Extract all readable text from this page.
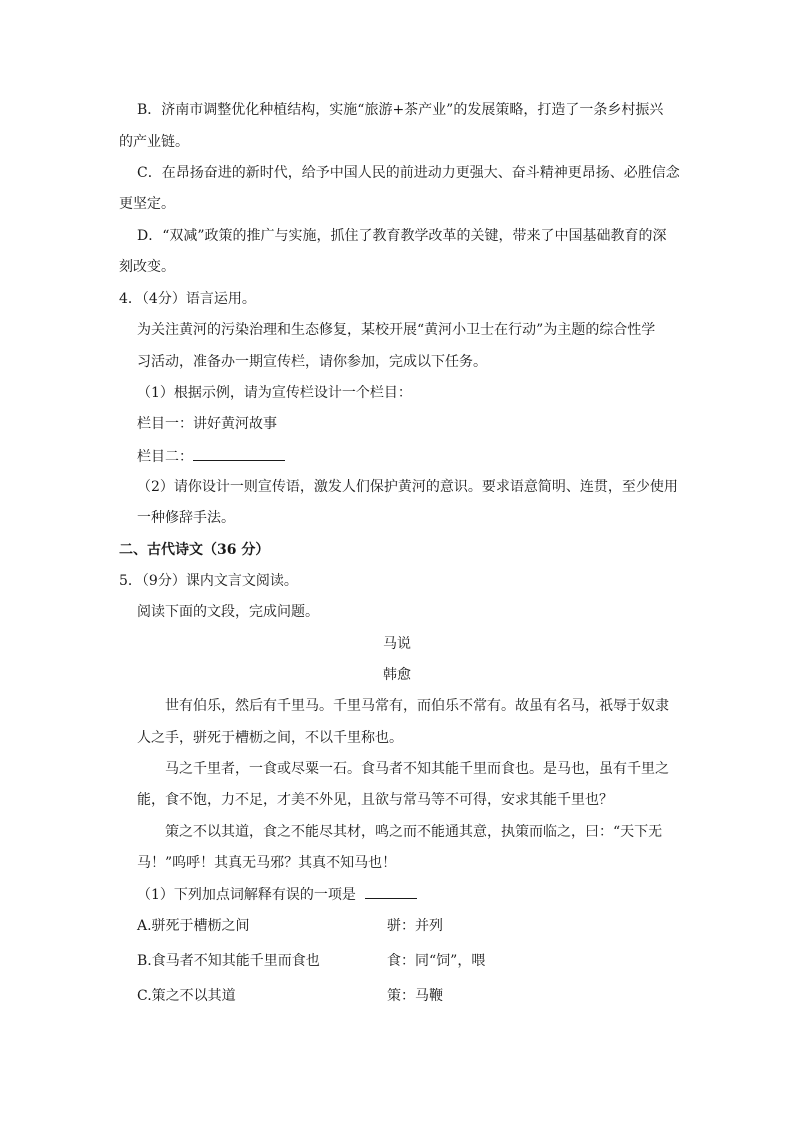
B．济南市调整优化种植结构，实施“旅游+茶产业”的发展策略，打造了一条乡村振兴
的产业链。
C．在昂扬奋进的新时代，给予中国人民的前进动力更强大、奋斗精神更昂扬、必胜信念
更坚定。
D．“双减”政策的推广与实施，抓住了教育教学改革的关键，带来了中国基础教育的深
刻改变。
4．（4分）语言运用。
为关注黄河的污染治理和生态修复，某校开展“黄河小卫士在行动”为主题的综合性学
习活动，准备办一期宣传栏，请你参加，完成以下任务。
（1）根据示例，请为宣传栏设计一个栏目：
栏目一：讲好黄河故事
栏目二：
（2）请你设计一则宣传语，激发人们保护黄河的意识。要求语意简明、连贯，至少使用
一种修辞手法。
二、古代诗文（36 分）
5．（9分）课内文言文阅读。
阅读下面的文段，完成问题。
马说
韩愈
世有伯乐，然后有千里马。千里马常有，而伯乐不常有。故虽有名马，祇辱于奴隶
人之手，骈死于槽枥之间，不以千里称也。
马之千里者，一食或尽粟一石。食马者不知其能千里而食也。是马也，虽有千里之
能，食不饱，力不足，才美不外见，且欲与常马等不可得，安求其能千里也？
策之不以其道，食之不能尽其材，鸣之而不能通其意，执策而临之，曰：“天下无
马！”呜呼！其真无马邪？其真不知马也！
（1）下列加点词解释有误的一项是
A.骈死于槽枥之间	骈：并列
B.食马者不知其能千里而食也	食：同“饲”，喂
C.策之不以其道	策：马鞭
